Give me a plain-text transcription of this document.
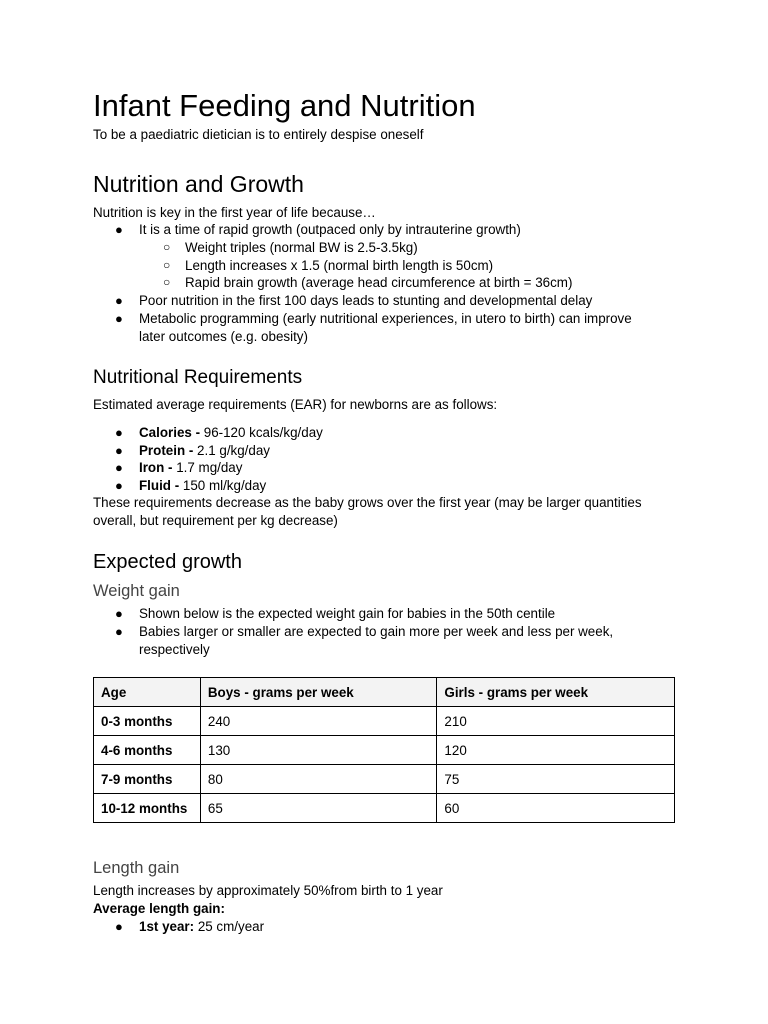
Infant Feeding and Nutrition

To be a paediatric dietician is to entirely despise oneself

Nutrition and Growth

Nutrition is key in the first year of life because…

● It is a time of rapid growth (outpaced only by intrauterine growth)

○ Weight triples (normal BW is 2.5-3.5kg)

○ Length increases x 1.5 (normal birth length is 50cm)

○ Rapid brain growth (average head circumference at birth = 36cm)

● Poor nutrition in the first 100 days leads to stunting and developmental delay

● Metabolic programming (early nutritional experiences, in utero to birth) can improve

later outcomes (e.g. obesity)

Nutritional Requirements

Estimated average requirements (EAR) for newborns are as follows:

● Calories - 96-120 kcals/kg/day

● Protein - 2.1 g/kg/day

● Iron - 1.7 mg/day

● Fluid - 150 ml/kg/day

These requirements decrease as the baby grows over the first year (may be larger quantities

overall, but requirement per kg decrease)

Expected growth
Weight gain
● Shown below is the expected weight gain for babies in the 50th centile

● Babies larger or smaller are expected to gain more per week and less per week,

respectively

Age	Boys - grams per week	Girls - grams per week
0-3 months	240	210
4-6 months	130	120
7-9 months	80	75
10-12 months	65	60
Length gain

Length increases by approximately 50%from birth to 1 year

Average length gain:

● 1st year: 25 cm/year
